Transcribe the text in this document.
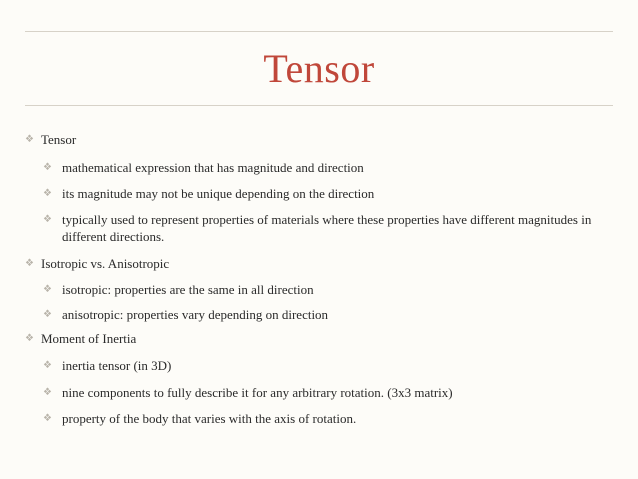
Tensor
❖ Tensor
❖ mathematical expression that has magnitude and direction
❖ its magnitude may not be unique depending on the direction
❖ typically used to represent properties of materials where these properties have different magnitudes in different directions.
❖ Isotropic vs. Anisotropic
❖ isotropic: properties are the same in all direction
❖ anisotropic: properties vary depending on direction
❖ Moment of Inertia
❖ inertia tensor (in 3D)
❖ nine components to fully describe it for any arbitrary rotation. (3x3 matrix)
❖ property of the body that varies with the axis of rotation.
